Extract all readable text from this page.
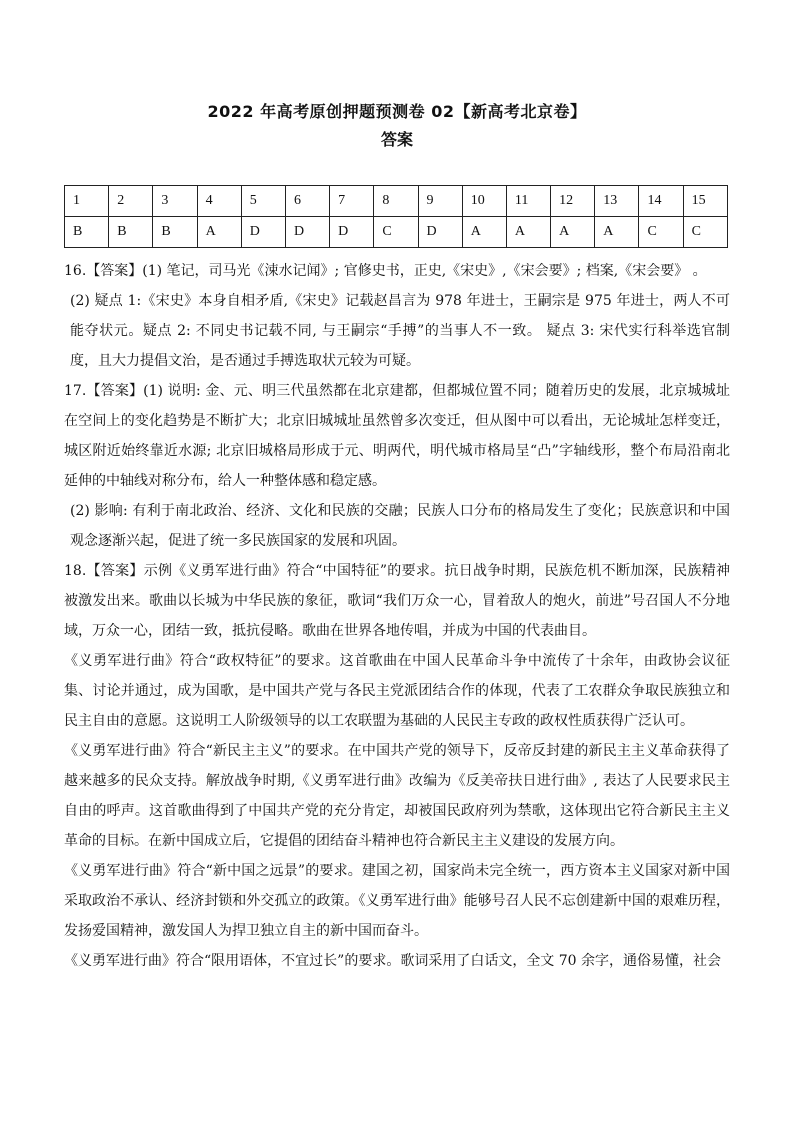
2022 年高考原创押题预测卷 02【新高考北京卷】
答案
1	2	3	4	5	6	7	8	9	10	11	12	13	14	15
B	B	B	A	D	D	D	C	D	A	A	A	A	C	C

16.【答案】(1) 笔记，司马光《涑水记闻》; 官修史书，正史,《宋史》,《宋会要》; 档案,《宋会要》 。

(2) 疑点 1:《宋史》本身自相矛盾,《宋史》记载赵昌言为 978 年进士，王嗣宗是 975 年进士，两人不可能夺状元。疑点 2: 不同史书记载不同, 与王嗣宗“手搏”的当事人不一致。 疑点 3: 宋代实行科举选官制度，且大力提倡文治，是否通过手搏选取状元较为可疑。

17.【答案】(1) 说明: 金、元、明三代虽然都在北京建都，但都城位置不同；随着历史的发展，北京城城址在空间上的变化趋势是不断扩大；北京旧城城址虽然曾多次变迁，但从图中可以看出，无论城址怎样变迁，城区附近始终靠近水源; 北京旧城格局形成于元、明两代，明代城市格局呈“凸”字轴线形，整个布局沿南北延伸的中轴线对称分布，给人一种整体感和稳定感。

(2) 影响: 有利于南北政治、经济、文化和民族的交融；民族人口分布的格局发生了变化；民族意识和中国观念逐渐兴起，促进了统一多民族国家的发展和巩固。

18.【答案】示例《义勇军进行曲》符合“中国特征”的要求。抗日战争时期，民族危机不断加深，民族精神被激发出来。歌曲以长城为中华民族的象征，歌词“我们万众一心，冒着敌人的炮火，前进”号召国人不分地域，万众一心，团结一致，抵抗侵略。歌曲在世界各地传唱，并成为中国的代表曲目。

《义勇军进行曲》符合“政权特征”的要求。这首歌曲在中国人民革命斗争中流传了十余年，由政协会议征集、讨论并通过，成为国歌，是中国共产党与各民主党派团结合作的体现，代表了工农群众争取民族独立和民主自由的意愿。这说明工人阶级领导的以工农联盟为基础的人民民主专政的政权性质获得广泛认可。

《义勇军进行曲》符合“新民主主义”的要求。在中国共产党的领导下，反帝反封建的新民主主义革命获得了越来越多的民众支持。解放战争时期,《义勇军进行曲》改编为《反美帝扶日进行曲》, 表达了人民要求民主自由的呼声。这首歌曲得到了中国共产党的充分肯定，却被国民政府列为禁歌，这体现出它符合新民主主义革命的目标。在新中国成立后，它提倡的团结奋斗精神也符合新民主主义建设的发展方向。

《义勇军进行曲》符合“新中国之远景”的要求。建国之初，国家尚未完全统一，西方资本主义国家对新中国采取政治不承认、经济封锁和外交孤立的政策。《义勇军进行曲》能够号召人民不忘创建新中国的艰难历程，发扬爱国精神，激发国人为捍卫独立自主的新中国而奋斗。

《义勇军进行曲》符合“限用语体，不宜过长”的要求。歌词采用了白话文，全文 70 余字，通俗易懂，社会
